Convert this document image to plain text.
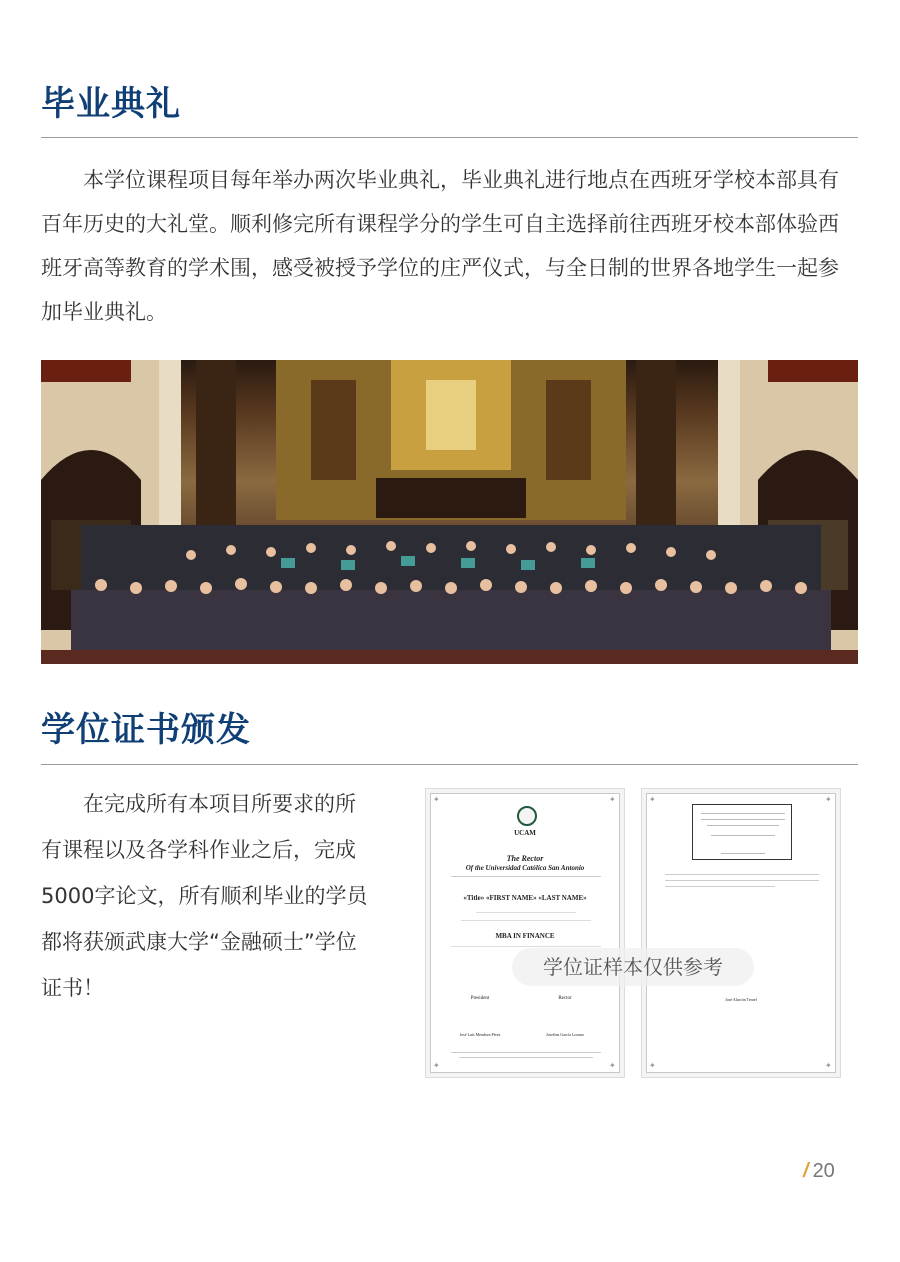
毕业典礼

本学位课程项目每年举办两次毕业典礼，毕业典礼进行地点在西班牙学校本部具有百年历史的大礼堂。顺利修完所有课程学分的学生可自主选择前往西班牙校本部体验西班牙高等教育的学术围，感受被授予学位的庄严仪式，与全日制的世界各地学生一起参加毕业典礼。

学位证书颁发

在完成所有本项目所要求的所有课程以及各学科作业之后，完成5000字论文，所有顺利毕业的学员都将获颁武康大学“金融硕士”学位证书！

✦	✦
✦	✦
UCAM
The Rector
Of the Universidad Católica San Antonio
«Title» «FIRST NAME» «LAST NAME»
MBA IN FINANCE
President	Rector
José Luis Mendoza Pérez	Josefina García Lozano
✦	✦
✦	✦
José Alarcón Teruel
学位证样本仅供参考
/ 20
